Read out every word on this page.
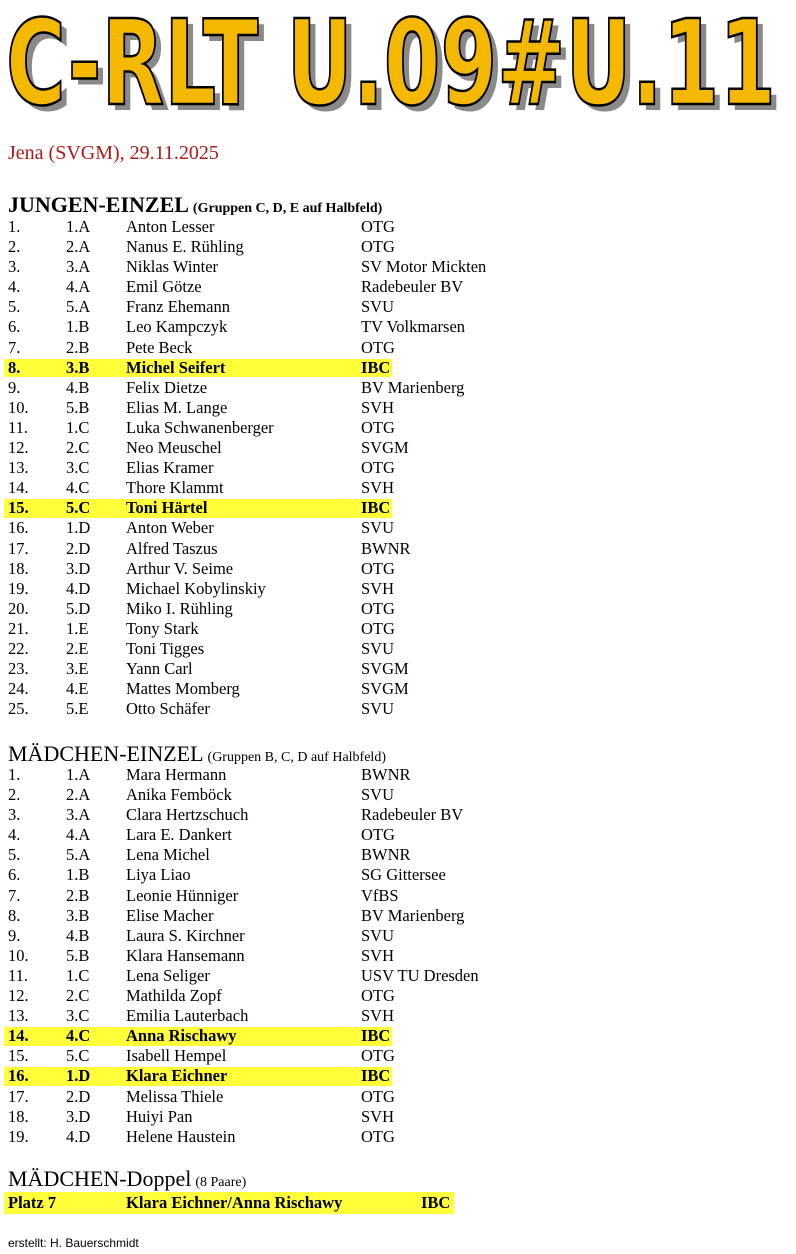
C-RLT U.09#U.11
C-RLT U.09#U.11
Jena (SVGM), 29.11.2025
JUNGEN-EINZEL (Gruppen C, D, E auf Halbfeld)
1.	1.A Anton Lesser	OTG
2.	2.A Nanus E. Rühling	OTG
3.	3.A Niklas Winter	SV Motor Mickten
4.	4.A Emil Götze	Radebeuler BV
5.	5.A Franz Ehemann	SVU
6.	1.B Leo Kampczyk	TV Volkmarsen
7.	2.B Pete Beck	OTG
8.	3.B Michel Seifert	IBC
9.	4.B Felix Dietze	BV Marienberg
10. 5.B Elias M. Lange	SVH
11. 1.C Luka Schwanenberger	OTG
12. 2.C Neo Meuschel	SVGM
13. 3.C Elias Kramer	OTG
14. 4.C Thore Klammt	SVH
15. 5.C Toni Härtel	IBC
16. 1.D Anton Weber	SVU
17. 2.D Alfred Taszus	BWNR
18. 3.D Arthur V. Seime	OTG
19. 4.D Michael Kobylinskiy	SVH
20. 5.D Miko I. Rühling	OTG
21. 1.E Tony Stark	OTG
22. 2.E Toni Tigges	SVU
23. 3.E Yann Carl	SVGM
24. 4.E Mattes Momberg	SVGM
25. 5.E Otto Schäfer	SVU
MÄDCHEN-EINZEL (Gruppen B, C, D auf Halbfeld)
1.	1.A Mara Hermann	BWNR
2.	2.A Anika Femböck	SVU
3.	3.A Clara Hertzschuch	Radebeuler BV
4.	4.A Lara E. Dankert	OTG
5.	5.A Lena Michel	BWNR
6.	1.B Liya Liao	SG Gittersee
7.	2.B Leonie Hünniger	VfBS
8.	3.B Elise Macher	BV Marienberg
9.	4.B Laura S. Kirchner	SVU
10. 5.B Klara Hansemann	SVH
11. 1.C Lena Seliger	USV TU Dresden
12. 2.C Mathilda Zopf	OTG
13. 3.C Emilia Lauterbach	SVH
14. 4.C Anna Rischawy	IBC
15. 5.C Isabell Hempel	OTG
16. 1.D Klara Eichner	IBC
17. 2.D Melissa Thiele	OTG
18. 3.D Huiyi Pan	SVH
19. 4.D Helene Haustein	OTG
MÄDCHEN-Doppel (8 Paare)
Platz 7	Klara Eichner/Anna Rischawy	IBC
erstellt: H. Bauerschmidt
